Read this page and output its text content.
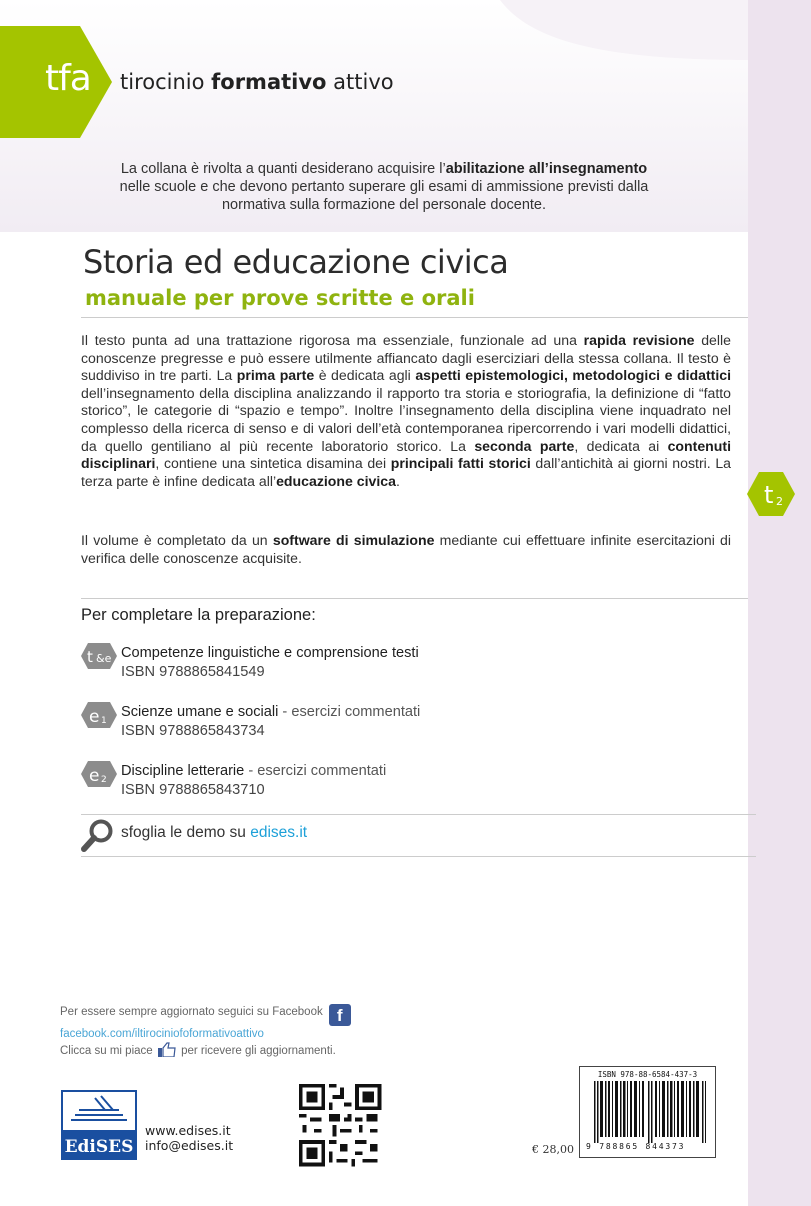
tfa tirocinio formativo attivo
La collana è rivolta a quanti desiderano acquisire l’abilitazione all’insegnamento
nelle scuole e che devono pertanto superare gli esami di ammissione previsti dalla
normativa sulla formazione del personale docente.
Storia ed educazione civica
manuale per prove scritte e orali
Il testo punta ad una trattazione rigorosa ma essenziale, funzionale ad una rapida revisione delle conoscenze pregresse e può essere utilmente affiancato dagli eserciziari della stessa collana. Il testo è suddiviso in tre parti. La prima parte è dedicata agli aspetti epistemologici, metodologici e didattici dell’insegnamento della disciplina analizzando il rapporto tra storia e storiografia, la definizione di “fatto storico”, le categorie di “spazio e tempo”. Inoltre l’insegnamento della disciplina viene inquadrato nel complesso della ricerca di senso e di valori dell’età contemporanea ripercorrendo i vari modelli didattici, da quello gentiliano al più recente laboratorio storico. La seconda parte, dedicata ai contenuti disciplinari, contiene una sintetica disamina dei principali fatti storici dall’antichità ai giorni nostri. La terza parte è infine dedicata all’educazione civica.
Il volume è completato da un software di simulazione mediante cui effettuare infinite esercitazioni di verifica delle conoscenze acquisite.
t 2
Per completare la preparazione:
t &e Competenze linguistiche e comprensione testi
ISBN 9788865841549
e 1
Scienze umane e sociali - esercizi commentati
ISBN 9788865843734
e 2
Discipline letterarie - esercizi commentati
ISBN 9788865843710
sfoglia le demo su edises.it
Per essere sempre aggiornato seguici su Facebook f
facebook.com/iltirociniofoformativoattivo
Clicca su mi piace per ricevere gli aggiornamenti.
EdiSES
www.edises.it
info@edises.it	€ 28,00
ISBN 978-88-6584-437-3
9 788865 844373
